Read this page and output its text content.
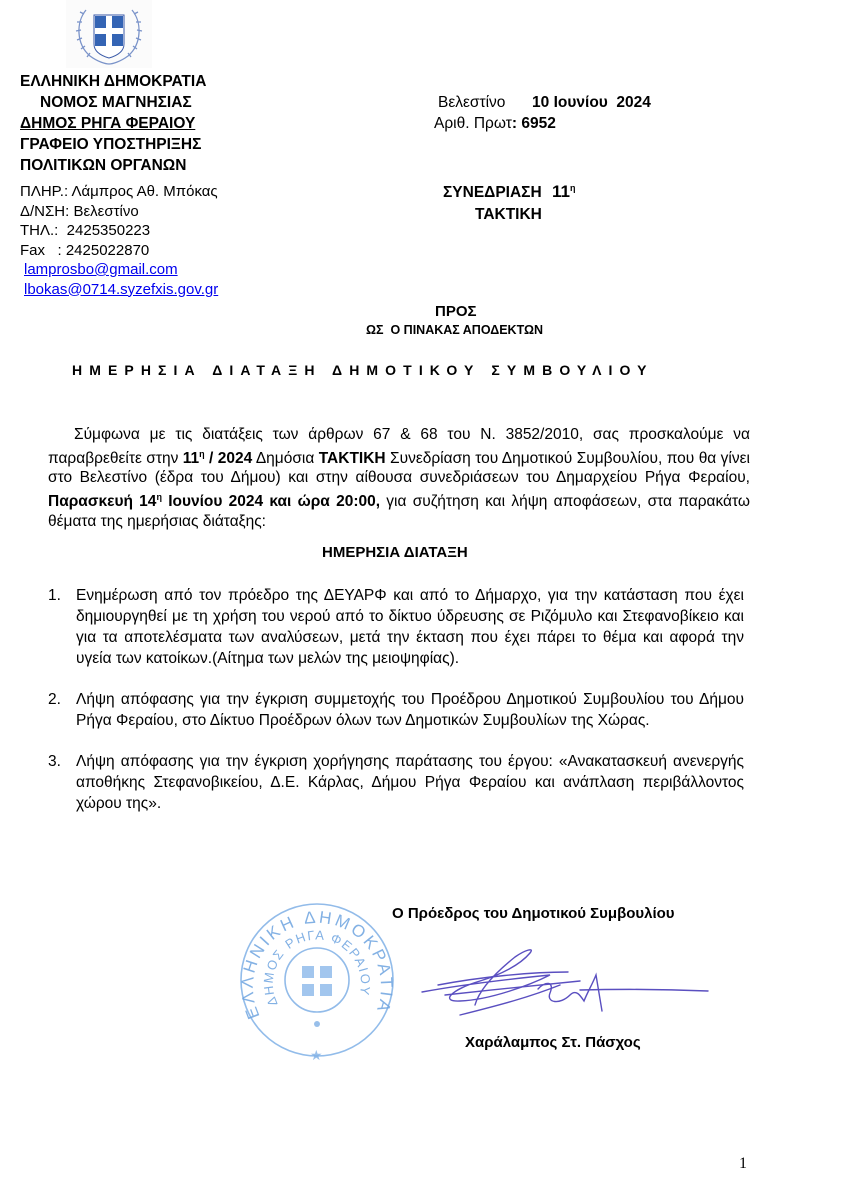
ΕΛΛΗΝΙΚΗ ΔΗΜΟΚΡΑΤΙΑ
ΝΟΜΟΣ ΜΑΓΝΗΣΙΑΣ
ΔΗΜΟΣ ΡΗΓΑ ΦΕΡΑΙΟΥ
ΓΡΑΦΕΙΟ ΥΠΟΣΤΗΡΙΞΗΣ
ΠΟΛΙΤΙΚΩΝ ΟΡΓΑΝΩΝ
ΠΛΗΡ.: Λάμπρος Αθ. Μπόκας
Δ/ΝΣΗ: Βελεστίνο
ΤΗΛ.:  2425350223
Fax   : 2425022870
lamprosbo@gmail.com
lbokas@0714.syzefxis.gov.gr
Βελεστίνο 10 Ιουνίου  2024
Αριθ. Πρωτ: 6952
ΣΥΝΕΔΡΙΑΣΗ $11^\eta$
ΤΑΚΤΙΚΗ
ΠΡΟΣ
ΩΣ  Ο ΠΙΝΑΚΑΣ ΑΠΟΔΕΚΤΩΝ
ΗΜΕΡΗΣΙΑ ΔΙΑΤΑΞΗ ΔΗΜΟΤΙΚΟΥ ΣΥΜΒΟΥΛΙΟΥ
Σύμφωνα με τις διατάξεις των άρθρων 67 & 68 του Ν. 3852/2010, σας προσκαλούμε να παραβρεθείτε στην $11^\eta / 2024$ Δημόσια ΤΑΚΤΙΚΗ Συνεδρίαση του Δημοτικού Συμβουλίου, που θα γίνει στο Βελεστίνο (έδρα του Δήμου) και στην αίθουσα συνεδριάσεων του Δημαρχείου Ρήγα Φεραίου, Παρασκευή $14^\eta$ Ιουνίου 2024 και ώρα 20:00, για συζήτηση και λήψη αποφάσεων, στα παρακάτω θέματα της ημερήσιας διάταξης:
ΗΜΕΡΗΣΙΑ ΔΙΑΤΑΞΗ
1. Ενημέρωση από τον πρόεδρο της ΔΕΥΑΡΦ και από το Δήμαρχο, για την κατάσταση που έχει δημιουργηθεί με τη χρήση του νερού από το δίκτυο ύδρευσης σε Ριζόμυλο και Στεφανοβίκειο και για τα αποτελέσματα των αναλύσεων, μετά την έκταση που έχει πάρει το θέμα και αφορά την υγεία των κατοίκων.(Αίτημα των μελών της μειοψηφίας).
2. Λήψη απόφασης για την έγκριση συμμετοχής του Προέδρου Δημοτικού Συμβουλίου του Δήμου Ρήγα Φεραίου, στο Δίκτυο Προέδρων όλων των Δημοτικών Συμβουλίων της Χώρας.
3. Λήψη απόφασης για την έγκριση χορήγησης παράτασης του έργου: «Ανακατασκευή ανενεργής αποθήκης Στεφανοβικείου, Δ.Ε. Κάρλας, Δήμου Ρήγα Φεραίου και ανάπλαση περιβάλλοντος χώρου της».
Ο Πρόεδρος του Δημοτικού Συμβουλίου
ΕΛΛΗΝΙΚΗ ΔΗΜΟΚΡΑΤΙΑ
ΔΗΜΟΣ ΡΗΓΑ ΦΕΡΑΙΟΥ
★
Χαράλαμπος Στ. Πάσχος
1
